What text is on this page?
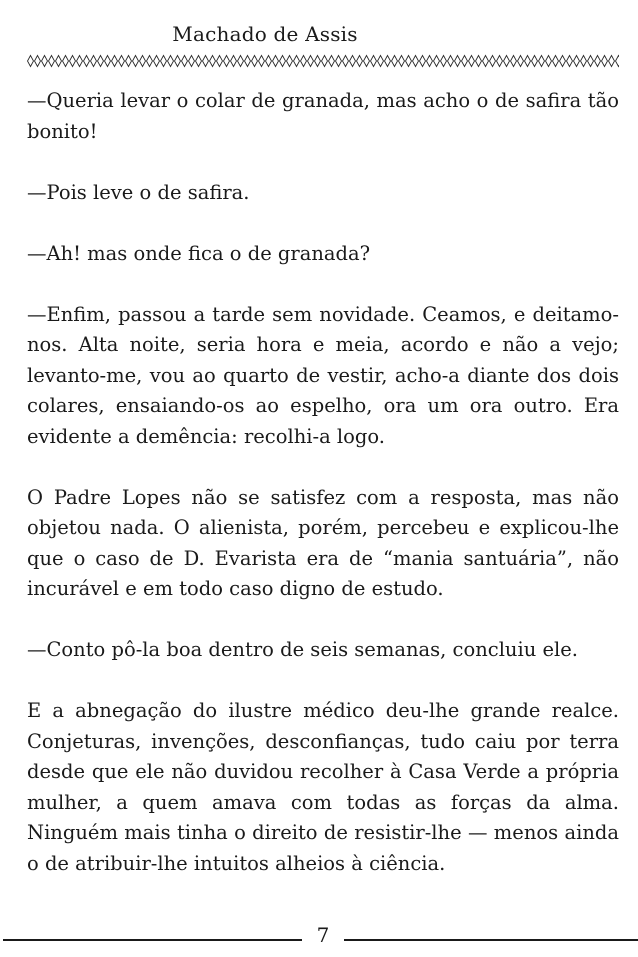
Machado de Assis

—Queria levar o colar de granada, mas acho o de safira tão bonito!

—Pois leve o de safira.

—Ah! mas onde fica o de granada?

—Enfim, passou a tarde sem novidade. Ceamos, e deitamo-nos. Alta noite, seria hora e meia, acordo e não a vejo; levanto-me, vou ao quarto de vestir, acho-a diante dos dois colares, ensaiando-os ao espelho, ora um ora outro. Era evidente a demência: recolhi-a logo.

O Padre Lopes não se satisfez com a resposta, mas não objetou nada. O alienista, porém, percebeu e explicou-lhe que o caso de D. Evarista era de “mania santuária”, não incurável e em todo caso digno de estudo.

—Conto pô-la boa dentro de seis semanas, concluiu ele.

E a abnegação do ilustre médico deu-lhe grande realce. Conjeturas, invenções, desconfianças, tudo caiu por terra desde que ele não duvidou recolher à Casa Verde a própria mulher, a quem amava com todas as forças da alma. Ninguém mais tinha o direito de resistir-lhe — menos ainda o de atribuir-lhe intuitos alheios à ciência.

7
